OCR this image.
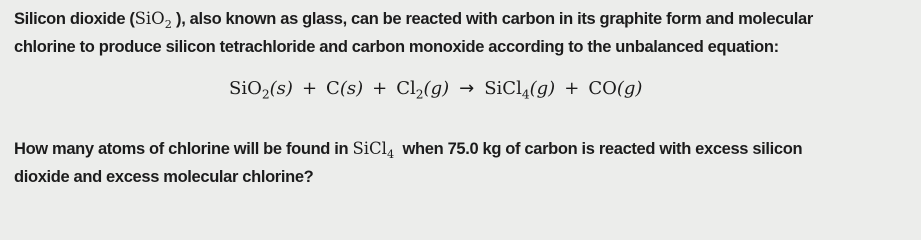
Silicon dioxide (SiO$_2$ ), also known as glass, can be reacted with carbon in its graphite form and molecular
chlorine to produce silicon tetrachloride and carbon monoxide according to the unbalanced equation:
$SiO_2(s) + C(s) + Cl_2(g)$ → SiCl$_4$(g) + CO(g)
How many atoms of chlorine will be found in SiCl$_4$  when 75.0 kg of carbon is reacted with excess silicon
dioxide and excess molecular chlorine?
